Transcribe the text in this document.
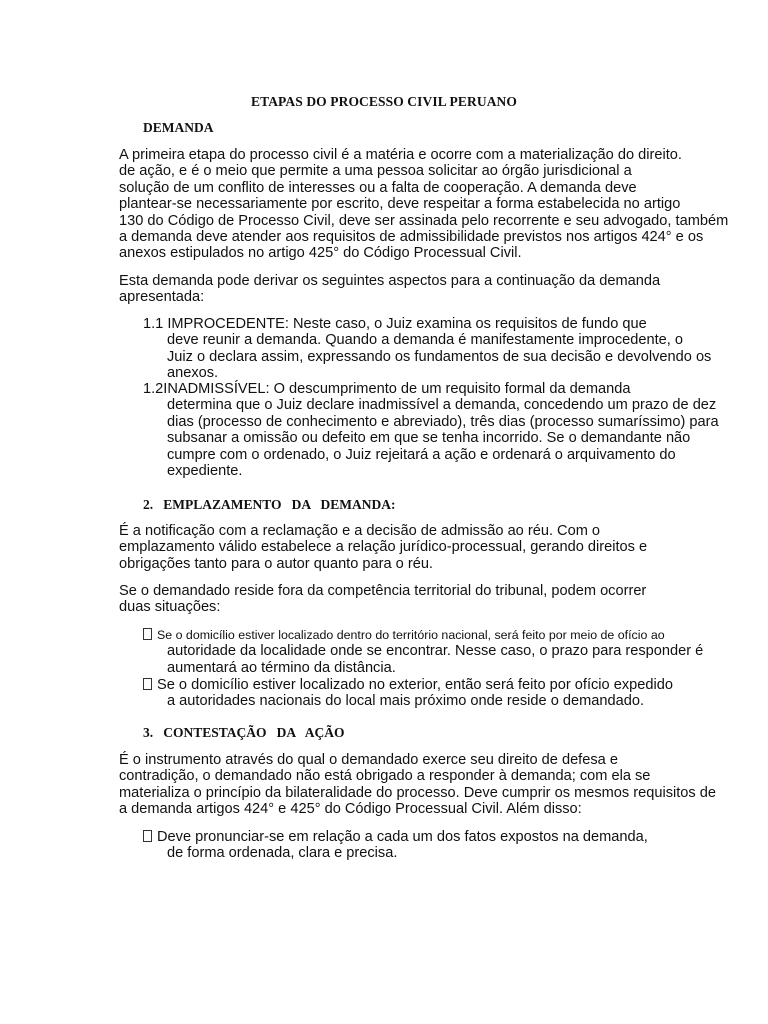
ETAPAS DO PROCESSO CIVIL PERUANO
DEMANDA
A primeira etapa do processo civil é a matéria e ocorre com a materialização do direito.
de ação, e é o meio que permite a uma pessoa solicitar ao órgão jurisdicional a
solução de um conflito de interesses ou a falta de cooperação. A demanda deve
plantear-se necessariamente por escrito, deve respeitar a forma estabelecida no artigo
130 do Código de Processo Civil, deve ser assinada pelo recorrente e seu advogado, também
a demanda deve atender aos requisitos de admissibilidade previstos nos artigos 424° e os
anexos estipulados no artigo 425° do Código Processual Civil.
Esta demanda pode derivar os seguintes aspectos para a continuação da demanda
apresentada:
1.1 IMPROCEDENTE: Neste caso, o Juiz examina os requisitos de fundo que
deve reunir a demanda. Quando a demanda é manifestamente improcedente, o
Juiz o declara assim, expressando os fundamentos de sua decisão e devolvendo os
anexos.
1.2INADMISSÍVEL: O descumprimento de um requisito formal da demanda
determina que o Juiz declare inadmissível a demanda, concedendo um prazo de dez
dias (processo de conhecimento e abreviado), três dias (processo sumaríssimo) para
subsanar a omissão ou defeito em que se tenha incorrido. Se o demandante não
cumpre com o ordenado, o Juiz rejeitará a ação e ordenará o arquivamento do
expediente.
2.   EMPLAZAMENTO   DA   DEMANDA:
É a notificação com a reclamação e a decisão de admissão ao réu. Com o
emplazamento válido estabelece a relação jurídico-processual, gerando direitos e
obrigações tanto para o autor quanto para o réu.
Se o demandado reside fora da competência territorial do tribunal, podem ocorrer
duas situações:
Se o domicílio estiver localizado dentro do território nacional, será feito por meio de ofício ao
autoridade da localidade onde se encontrar. Nesse caso, o prazo para responder é
aumentará ao término da distância.
Se o domicílio estiver localizado no exterior, então será feito por ofício expedido
a autoridades nacionais do local mais próximo onde reside o demandado.
3.   CONTESTAÇÃO   DA   AÇÃO
É o instrumento através do qual o demandado exerce seu direito de defesa e
contradição, o demandado não está obrigado a responder à demanda; com ela se
materializa o princípio da bilateralidade do processo. Deve cumprir os mesmos requisitos de
a demanda artigos 424° e 425° do Código Processual Civil. Além disso:
Deve pronunciar-se em relação a cada um dos fatos expostos na demanda,
de forma ordenada, clara e precisa.
